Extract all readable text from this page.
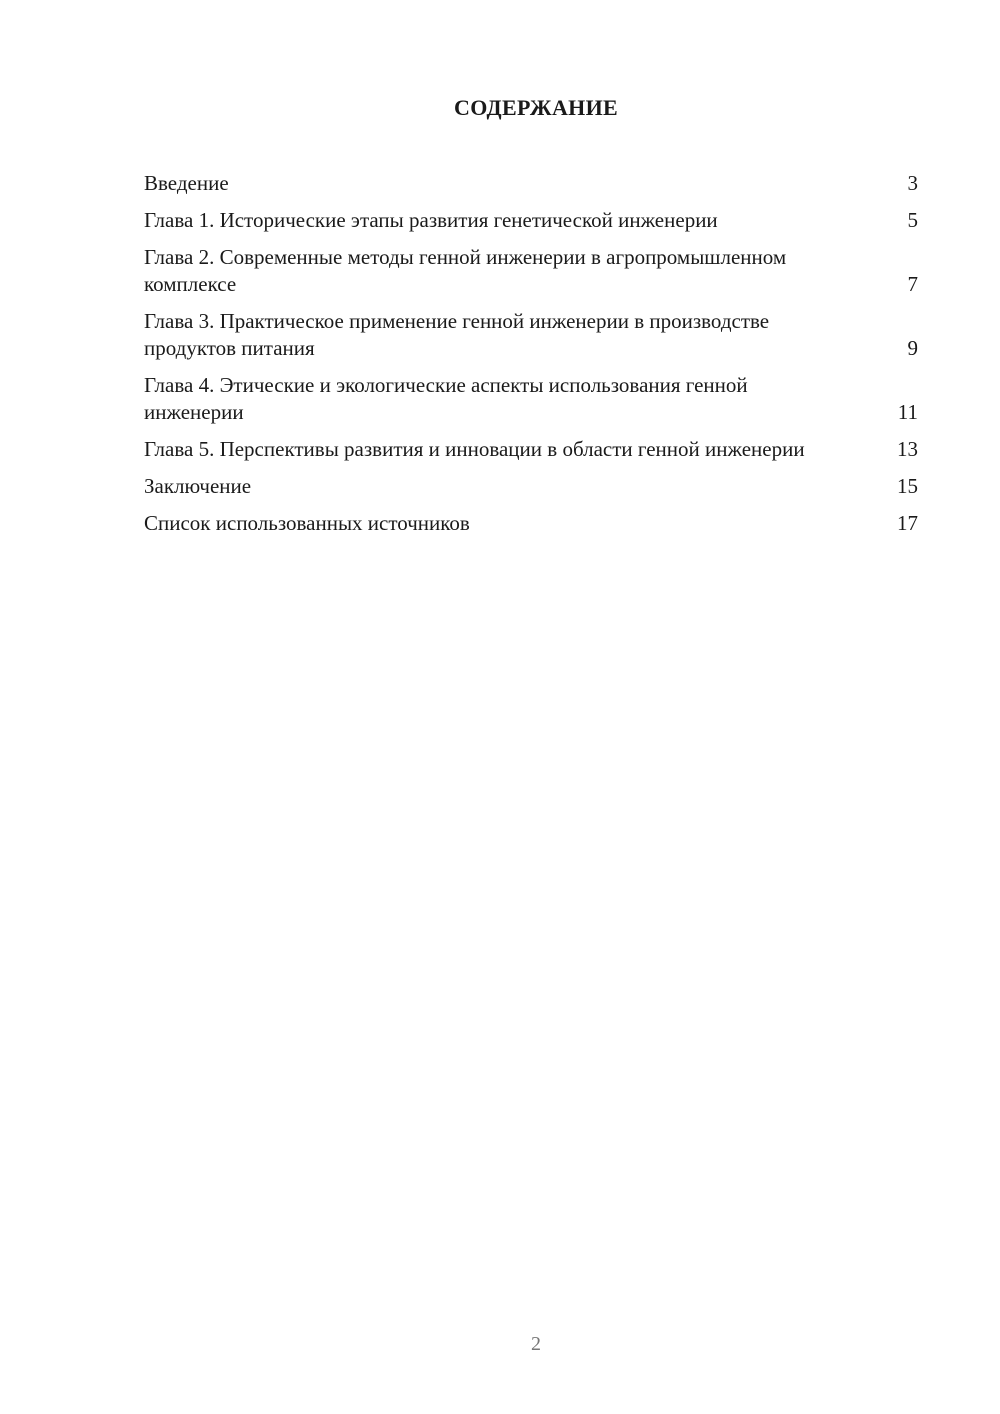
СОДЕРЖАНИЕ
Введение	3
Глава 1. Исторические этапы развития генетической инженерии	5
Глава 2. Современные методы генной инженерии в агропромышленном комплексе	7
Глава 3. Практическое применение генной инженерии в производстве продуктов питания	9
Глава 4. Этические и экологические аспекты использования генной инженерии	11
Глава 5. Перспективы развития и инновации в области генной инженерии	13
Заключение	15
Список использованных источников	17
2
